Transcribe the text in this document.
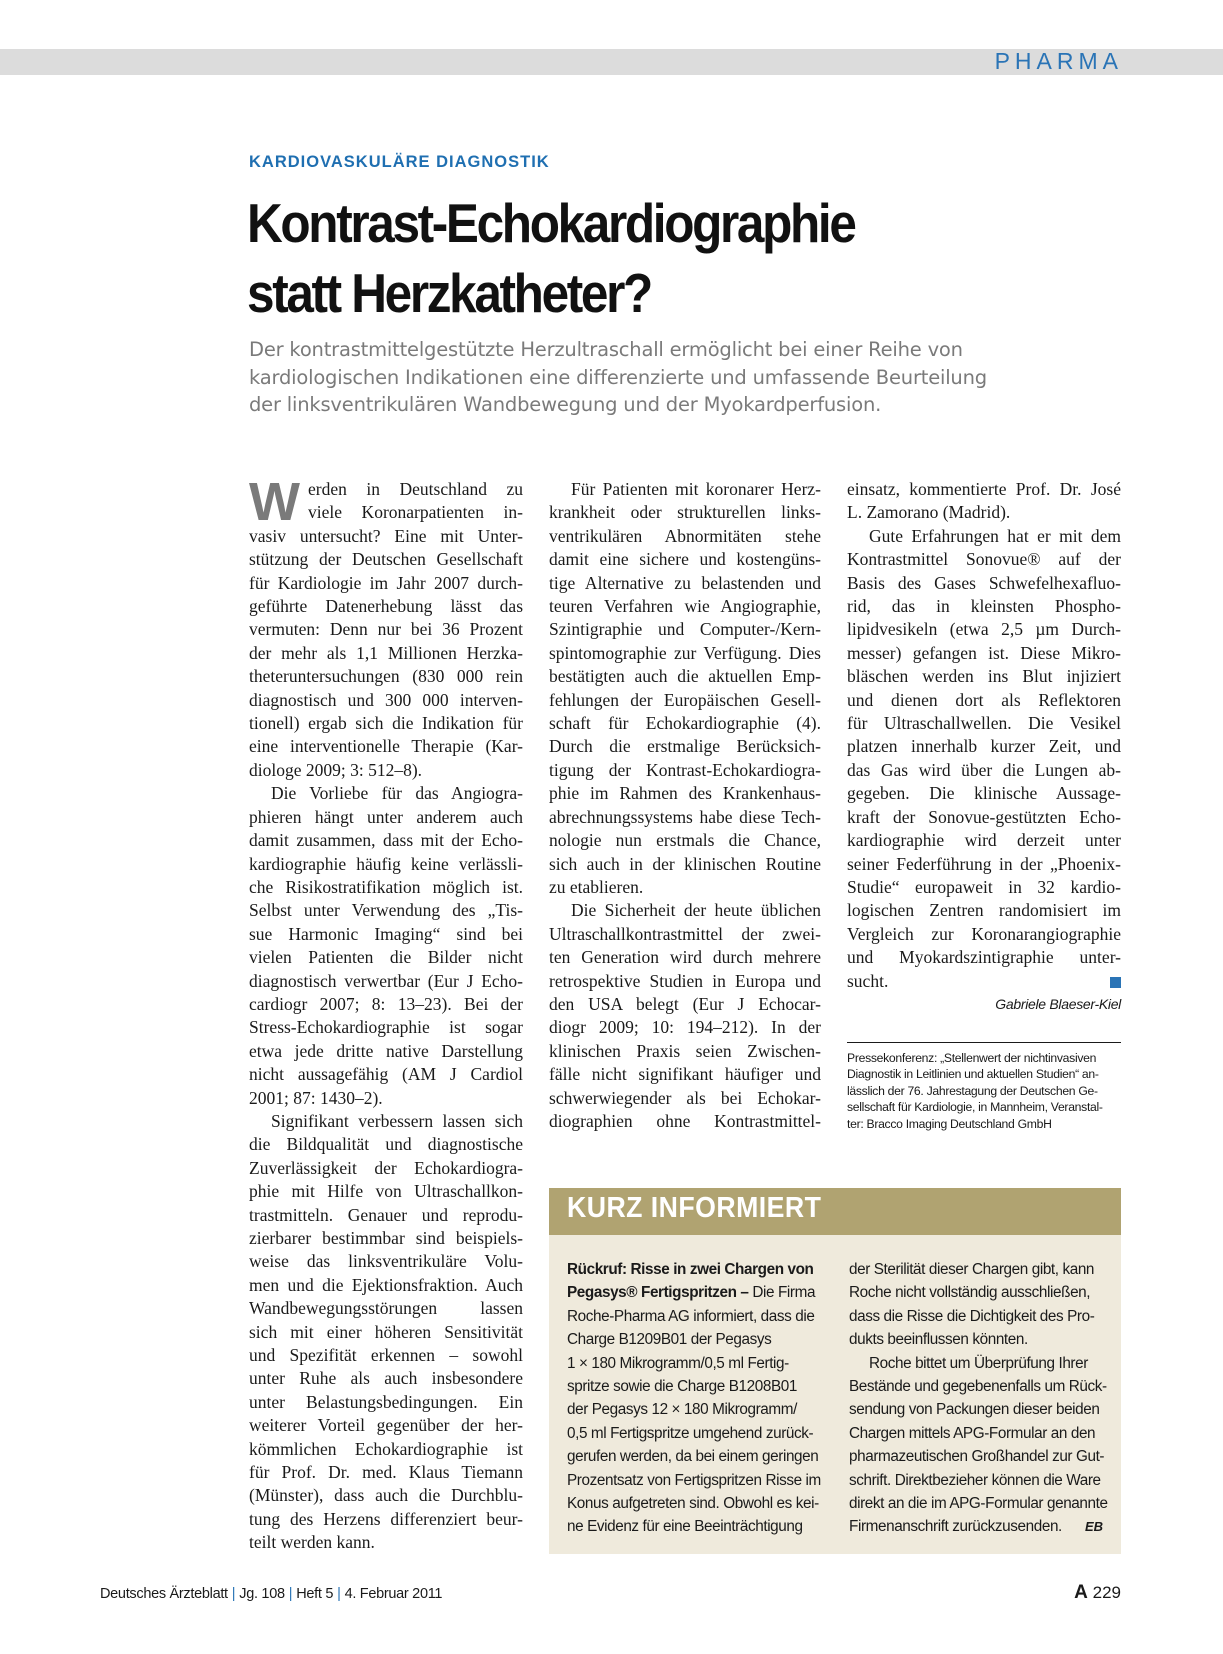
PHARMA
KARDIOVASKULÄRE DIAGNOSTIK
Kontrast-Echokardiographie
statt Herzkatheter?
Der kontrastmittelgestützte Herzultraschall ermöglicht bei einer Reihe von
kardiologischen Indikationen eine differenzierte und umfassende Beurteilung
der linksventrikulären Wandbewegung und der Myokardperfusion.
W erden in Deutschland zu
viele Koronarpatienten in-
vasiv untersucht? Eine mit Unter-
stützung der Deutschen Gesellschaft
für Kardiologie im Jahr 2007 durch-
geführte Datenerhebung lässt das
vermuten: Denn nur bei 36 Prozent
der mehr als 1,1 Millionen Herzka-
theteruntersuchungen (830 000 rein
diagnostisch und 300 000 interven-
tionell) ergab sich die Indikation für
eine interventionelle Therapie (Kar-
diologe 2009; 3: 512–8).
Die Vorliebe für das Angiogra-
phieren hängt unter anderem auch
damit zusammen, dass mit der Echo-
kardiographie häufig keine verlässli-
che Risikostratifikation möglich ist.
Selbst unter Verwendung des „Tis-
sue Harmonic Imaging“ sind bei
vielen Patienten die Bilder nicht
diagnostisch verwertbar (Eur J Echo-
cardiogr 2007; 8: 13–23). Bei der
Stress-Echokardiographie ist sogar
etwa jede dritte native Darstellung
nicht aussagefähig (AM J Cardiol
2001; 87: 1430–2).
Signifikant verbessern lassen sich
die Bildqualität und diagnostische
Zuverlässigkeit der Echokardiogra-
phie mit Hilfe von Ultraschallkon-
trastmitteln. Genauer und reprodu-
zierbarer bestimmbar sind beispiels-
weise das linksventrikuläre Volu-
men und die Ejektionsfraktion. Auch
Wandbewegungsstörungen lassen
sich mit einer höheren Sensitivität
und Spezifität erkennen – sowohl
unter Ruhe als auch insbesondere
unter Belastungsbedingungen. Ein
weiterer Vorteil gegenüber der her-
kömmlichen Echokardiographie ist
für Prof. Dr. med. Klaus Tiemann
(Münster), dass auch die Durchblu-
tung des Herzens differenziert beur-
teilt werden kann.
Für Patienten mit koronarer Herz-
krankheit oder strukturellen links-
ventrikulären Abnormitäten stehe
damit eine sichere und kostengüns-
tige Alternative zu belastenden und
teuren Verfahren wie Angiographie,
Szintigraphie und Computer-/Kern-
spintomographie zur Verfügung. Dies
bestätigten auch die aktuellen Emp-
fehlungen der Europäischen Gesell-
schaft für Echokardiographie (4).
Durch die erstmalige Berücksich-
tigung der Kontrast-Echokardiogra-
phie im Rahmen des Krankenhaus-
abrechnungssystems habe diese Tech-
nologie nun erstmals die Chance,
sich auch in der klinischen Routine
zu etablieren.
Die Sicherheit der heute üblichen
Ultraschallkontrastmittel der zwei-
ten Generation wird durch mehrere
retrospektive Studien in Europa und
den USA belegt (Eur J Echocar-
diogr 2009; 10: 194–212). In der
klinischen Praxis seien Zwischen-
fälle nicht signifikant häufiger und
schwerwiegender als bei Echokar-
diographien ohne Kontrastmittel-
einsatz, kommentierte Prof. Dr. José
L. Zamorano (Madrid).
Gute Erfahrungen hat er mit dem
Kontrastmittel Sonovue® auf der
Basis des Gases Schwefelhexafluo-
rid, das in kleinsten Phospho-
lipidvesikeln (etwa 2,5 µm Durch-
messer) gefangen ist. Diese Mikro-
bläschen werden ins Blut injiziert
und dienen dort als Reflektoren
für Ultraschallwellen. Die Vesikel
platzen innerhalb kurzer Zeit, und
das Gas wird über die Lungen ab-
gegeben. Die klinische Aussage-
kraft der Sonovue-gestützten Echo-
kardiographie wird derzeit unter
seiner Federführung in der „Phoenix-
Studie“ europaweit in 32 kardio-
logischen Zentren randomisiert im
Vergleich zur Koronarangiographie
und Myokardszintigraphie unter-
sucht.
Gabriele Blaeser-Kiel
Pressekonferenz: „Stellenwert der nichtinvasiven
Diagnostik in Leitlinien und aktuellen Studien“ an-
lässlich der 76. Jahrestagung der Deutschen Ge-
sellschaft für Kardiologie, in Mannheim, Veranstal-
ter: Bracco Imaging Deutschland GmbH
KURZ INFORMIERT
Rückruf: Risse in zwei Chargen von
Pegasys® Fertigspritzen – Die Firma
Roche-Pharma AG informiert, dass die
Charge B1209B01 der Pegasys
1 × 180 Mikrogramm/0,5 ml Fertig-
spritze sowie die Charge B1208B01
der Pegasys 12 × 180 Mikrogramm/
0,5 ml Fertigspritze umgehend zurück-
gerufen werden, da bei einem geringen
Prozentsatz von Fertigspritzen Risse im
Konus aufgetreten sind. Obwohl es kei-
ne Evidenz für eine Beeinträchtigung
der Sterilität dieser Chargen gibt, kann
Roche nicht vollständig ausschließen,
dass die Risse die Dichtigkeit des Pro-
dukts beeinflussen könnten.
Roche bittet um Überprüfung Ihrer
Bestände und gegebenenfalls um Rück-
sendung von Packungen dieser beiden
Chargen mittels APG-Formular an den
pharmazeutischen Großhandel zur Gut-
schrift. Direktbezieher können die Ware
direkt an die im APG-Formular genannte
Firmenanschrift zurückzusenden.	EB
Deutsches Ärzteblatt | Jg. 108 | Heft 5 | 4. Februar 2011	A 229
